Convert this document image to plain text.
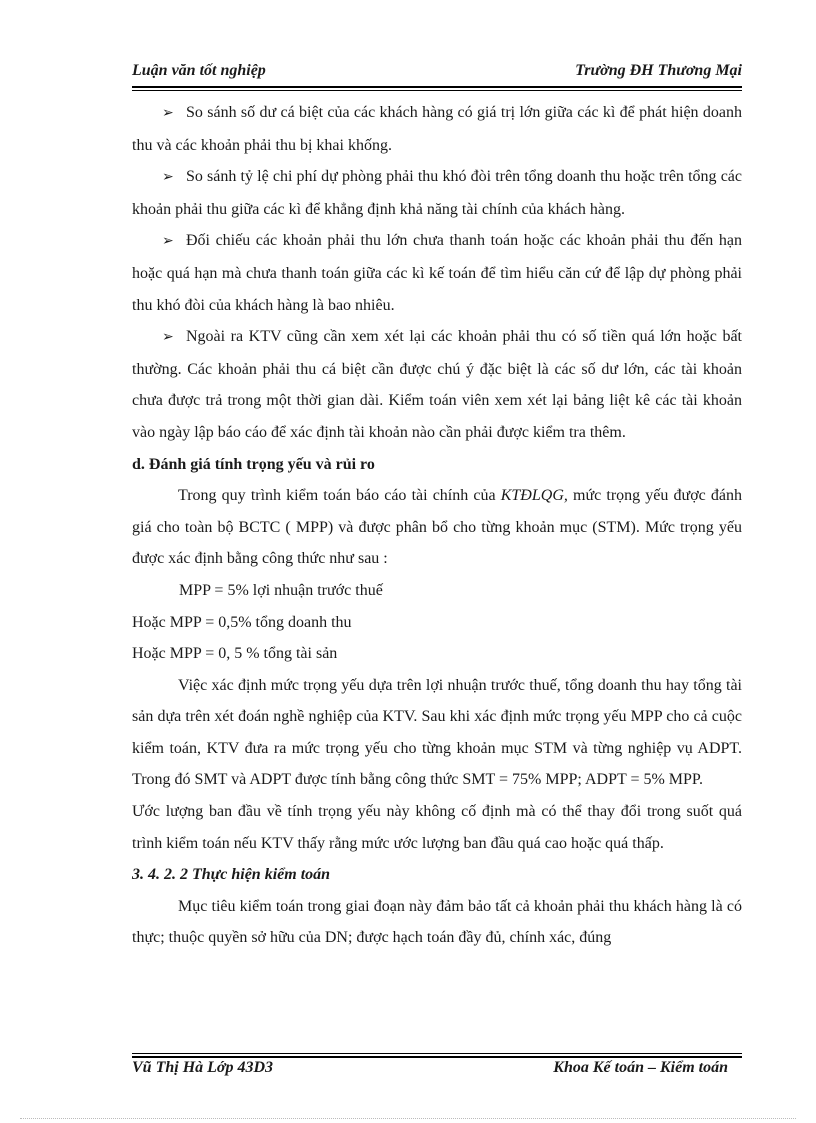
Luận văn tốt nghiệp	Trường ĐH Thương Mại

➢ So sánh số dư cá biệt của các khách hàng có giá trị lớn giữa các kì để phát hiện doanh thu và các khoản phải thu bị khai khống.

➢ So sánh tỷ lệ chi phí dự phòng phải thu khó đòi trên tổng doanh thu hoặc trên tổng các khoản phải thu giữa các kì để khẳng định khả năng tài chính của khách hàng.

➢ Đối chiếu các khoản phải thu lớn chưa thanh toán hoặc các khoản phải thu đến hạn hoặc quá hạn mà chưa thanh toán giữa các kì kế toán để tìm hiểu căn cứ để lập dự phòng phải thu khó đòi của khách hàng là bao nhiêu.

➢ Ngoài ra KTV cũng cần xem xét lại các khoản phải thu có số tiền quá lớn hoặc bất thường. Các khoản phải thu cá biệt cần được chú ý đặc biệt là các số dư lớn, các tài khoản chưa được trả trong một thời gian dài. Kiểm toán viên xem xét lại bảng liệt kê các tài khoản vào ngày lập báo cáo để xác định tài khoản nào cần phải được kiểm tra thêm.

d. Đánh giá tính trọng yếu và rủi ro

Trong quy trình kiểm toán báo cáo tài chính của KTĐLQG, mức trọng yếu được đánh giá cho toàn bộ BCTC ( MPP) và được phân bổ cho từng khoản mục (STM). Mức trọng yếu được xác định bằng công thức như sau :

MPP = 5% lợi nhuận trước thuế

Hoặc MPP = 0,5% tổng doanh thu

Hoặc MPP = 0, 5 % tổng tài sản

Việc xác định mức trọng yếu dựa trên lợi nhuận trước thuế, tổng doanh thu hay tổng tài sản dựa trên xét đoán nghề nghiệp của KTV. Sau khi xác định mức trọng yếu MPP cho cả cuộc kiểm toán, KTV đưa ra mức trọng yếu cho từng khoản mục STM và từng nghiệp vụ ADPT. Trong đó SMT và ADPT được tính bằng công thức SMT = 75% MPP; ADPT = 5% MPP.

Ước lượng ban đầu về tính trọng yếu này không cố định mà có thể thay đổi trong suốt quá trình kiểm toán nếu KTV thấy rằng mức ước lượng ban đầu quá cao hoặc quá thấp.

3. 4. 2. 2 Thực hiện kiểm toán

Mục tiêu kiểm toán trong giai đoạn này đảm bảo tất cả khoản phải thu khách hàng là có thực; thuộc quyền sở hữu của DN; được hạch toán đầy đủ, chính xác, đúng

Vũ Thị Hà Lớp 43D3	Khoa Kế toán – Kiểm toán
